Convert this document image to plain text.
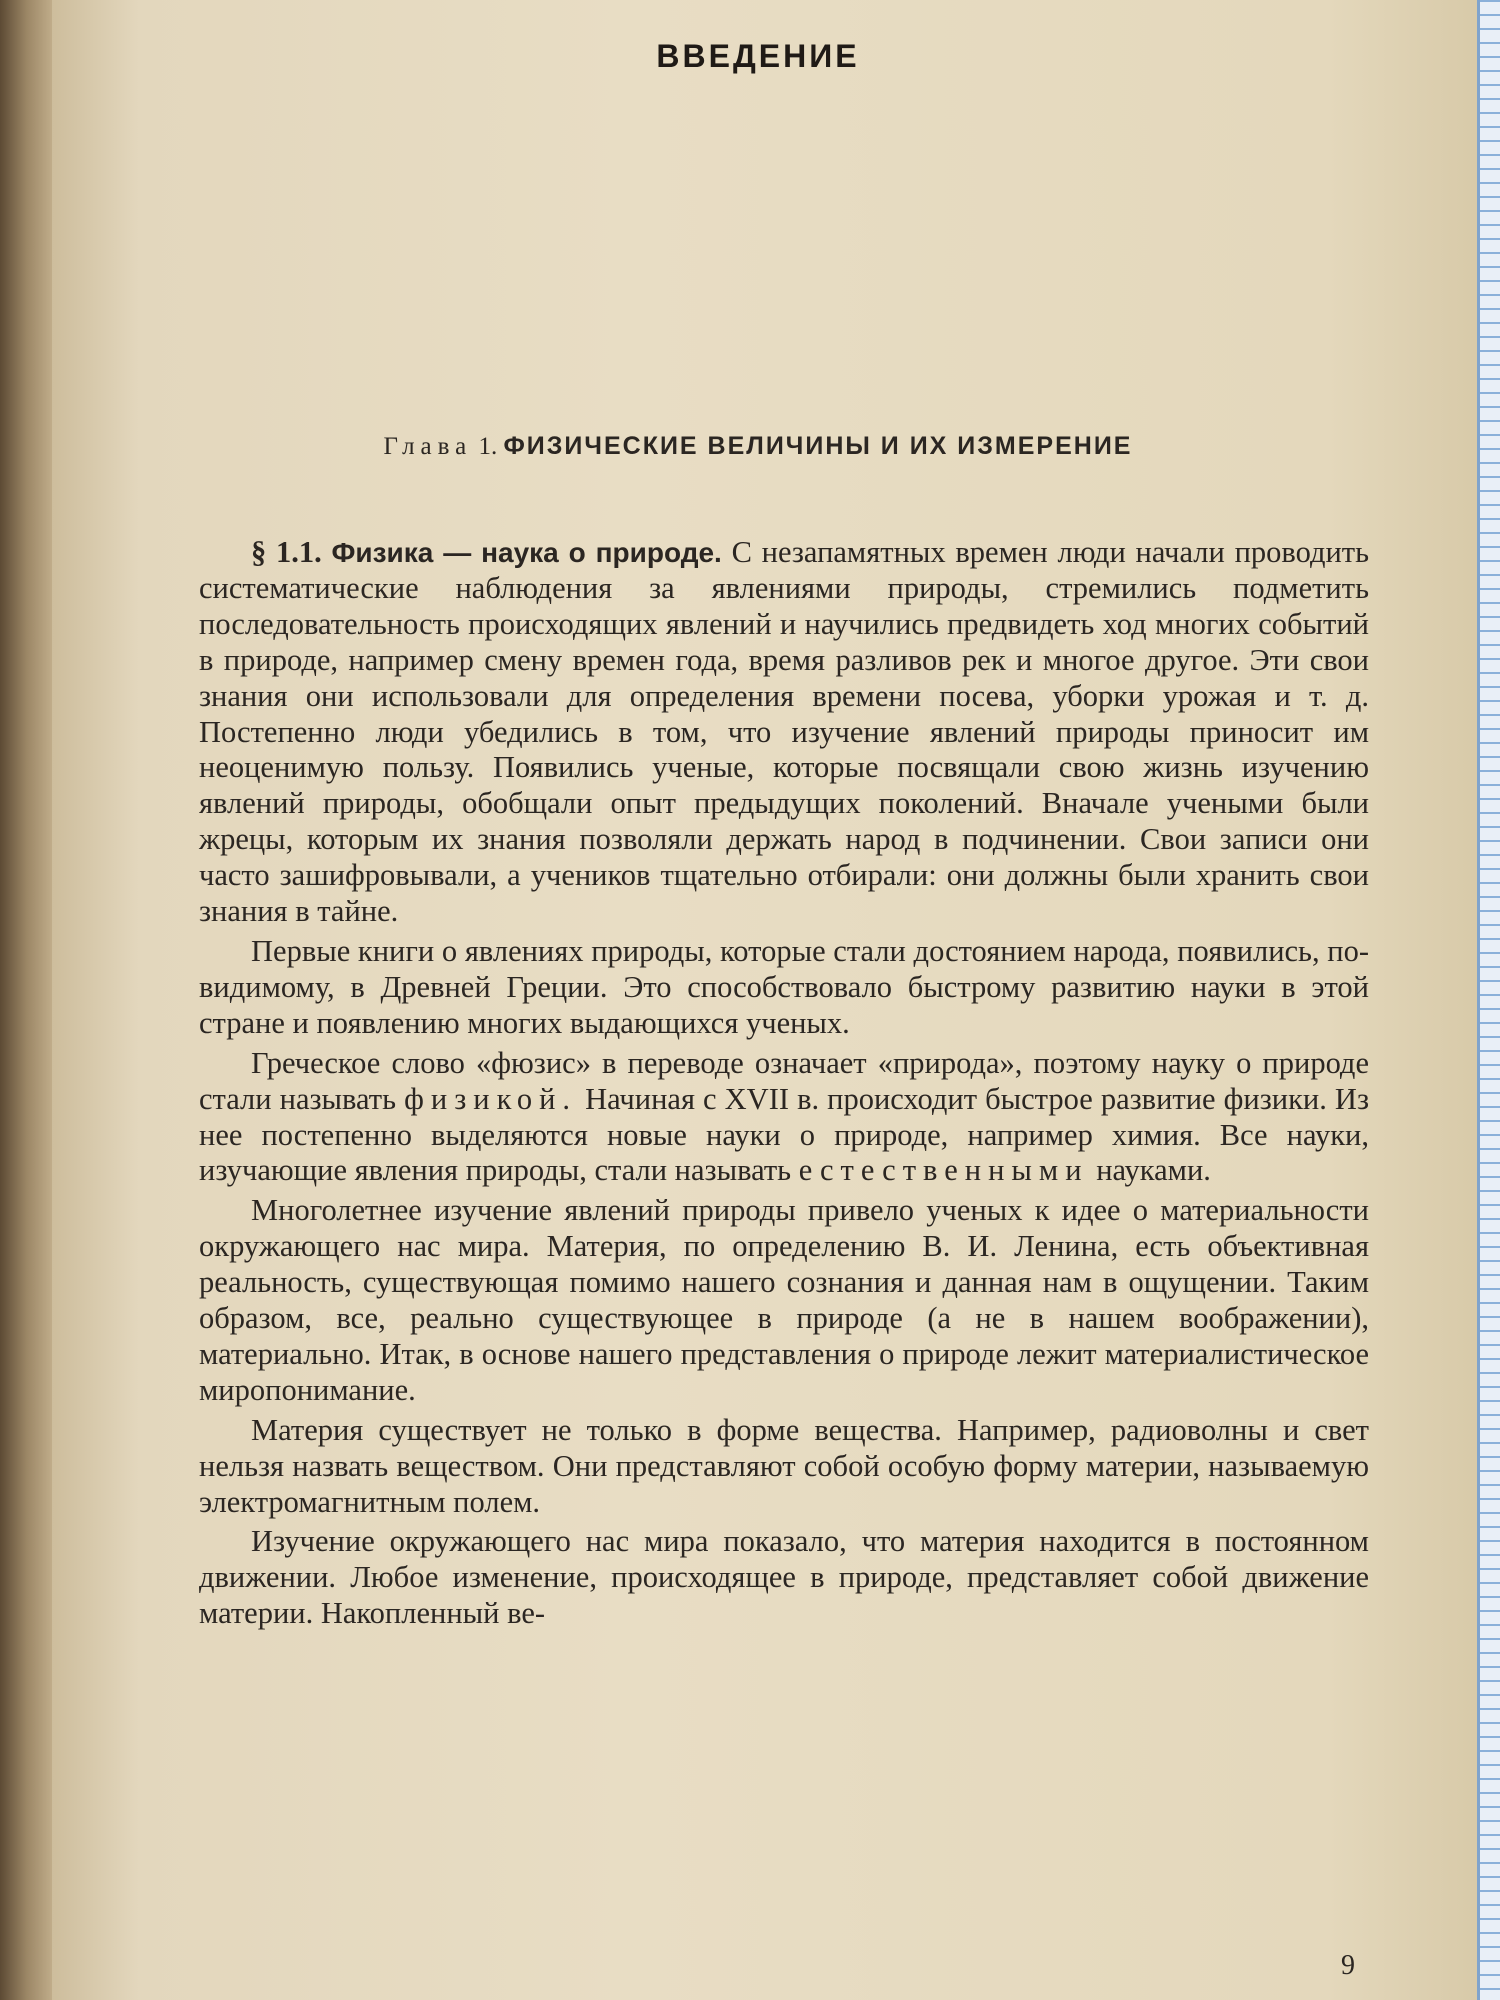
ВВЕДЕНИЕ
Глава 1. ФИЗИЧЕСКИЕ ВЕЛИЧИНЫ И ИХ ИЗМЕРЕНИЕ

§ 1.1. Физика — наука о природе. С незапамятных времен люди начали проводить систематические наблюдения за явлениями природы, стремились подметить последовательность происходящих явлений и научились предвидеть ход многих событий в природе, например смену времен года, время разливов рек и многое другое. Эти свои знания они использовали для определения времени посева, уборки урожая и т. д. Постепенно люди убедились в том, что изучение явлений природы приносит им неоценимую пользу. Появились ученые, которые посвящали свою жизнь изучению явлений природы, обобщали опыт предыдущих поколений. Вначале учеными были жрецы, которым их знания позволяли держать народ в подчинении. Свои записи они часто зашифровывали, а учеников тщательно отбирали: они должны были хранить свои знания в тайне.

Первые книги о явлениях природы, которые стали достоянием народа, появились, по-видимому, в Древней Греции. Это способствовало быстрому развитию науки в этой стране и появлению многих выдающихся ученых.

Греческое слово «фюзис» в переводе означает «природа», поэтому науку о природе стали называть физикой. Начиная с XVII в. происходит быстрое развитие физики. Из нее постепенно выделяются новые науки о природе, например химия. Все науки, изучающие явления природы, стали называть естественными науками.

Многолетнее изучение явлений природы привело ученых к идее о материальности окружающего нас мира. Материя, по определению В. И. Ленина, есть объективная реальность, существующая помимо нашего сознания и данная нам в ощущении. Таким образом, все, реально существующее в природе (а не в нашем воображении), материально. Итак, в основе нашего представления о природе лежит материалистическое миропонимание.

Материя существует не только в форме вещества. Например, радиоволны и свет нельзя назвать веществом. Они представляют собой особую форму материи, называемую электромагнитным полем.

Изучение окружающего нас мира показало, что материя находится в постоянном движении. Любое изменение, происходящее в природе, представляет собой движение материи. Накопленный ве-

9
